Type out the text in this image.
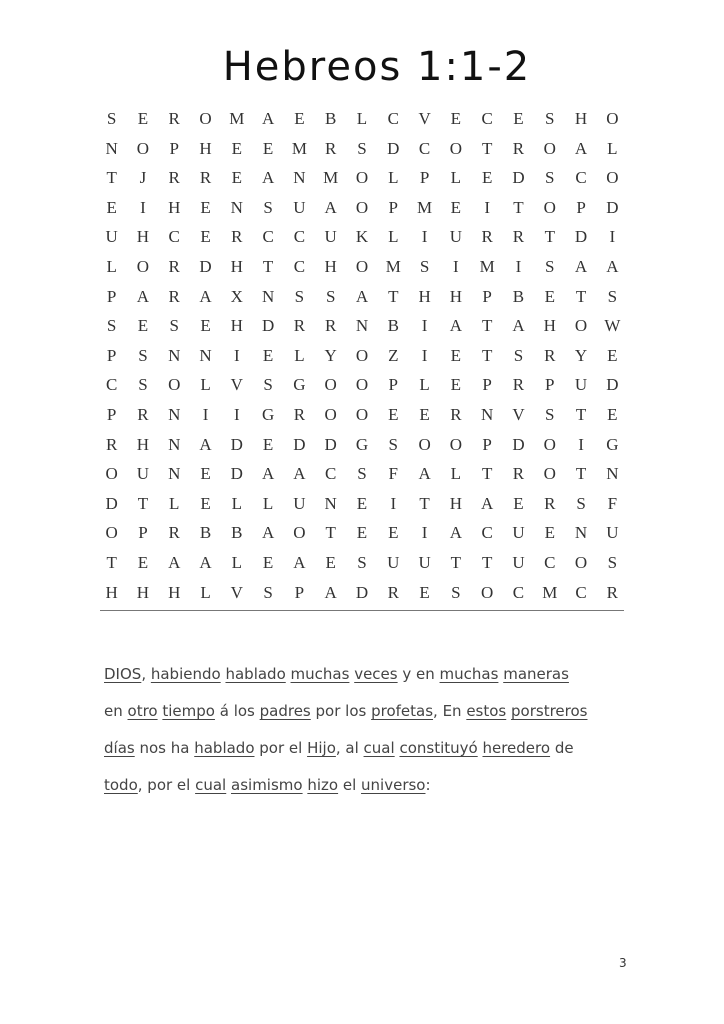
Hebreos 1:1-2
S	E	R	O	M	A	E	B	L	C	V	E	C	E	S	H	O
N	O	P	H	E	E	M	R	S	D	C	O	T	R	O	A	L
T	J	R	R	E	A	N	M	O	L	P	L	E	D	S	C	O
E	I	H	E	N	S	U	A	O	P	M	E	I	T	O	P	D
U	H	C	E	R	C	C	U	K	L	I	U	R	R	T	D	I
L	O	R	D	H	T	C	H	O	M	S	I	M	I	S	A	A
P	A	R	A	X	N	S	S	A	T	H	H	P	B	E	T	S
S	E	S	E	H	D	R	R	N	B	I	A	T	A	H	O	W
P	S	N	N	I	E	L	Y	O	Z	I	E	T	S	R	Y	E
C	S	O	L	V	S	G	O	O	P	L	E	P	R	P	U	D
P	R	N	I	I	G	R	O	O	E	E	R	N	V	S	T	E
R	H	N	A	D	E	D	D	G	S	O	O	P	D	O	I	G
O	U	N	E	D	A	A	C	S	F	A	L	T	R	O	T	N
D	T	L	E	L	L	U	N	E	I	T	H	A	E	R	S	F
O	P	R	B	B	A	O	T	E	E	I	A	C	U	E	N	U
T	E	A	A	L	E	A	E	S	U	U	T	T	U	C	O	S
H	H	H	L	V	S	P	A	D	R	E	S	O	C	M	C	R
DIOS, habiendo hablado muchas veces y en muchas maneras
en otro tiempo á los padres por los profetas, En estos porstreros
días nos ha hablado por el Hijo, al cual constituyó heredero de
todo, por el cual asimismo hizo el universo:
3
